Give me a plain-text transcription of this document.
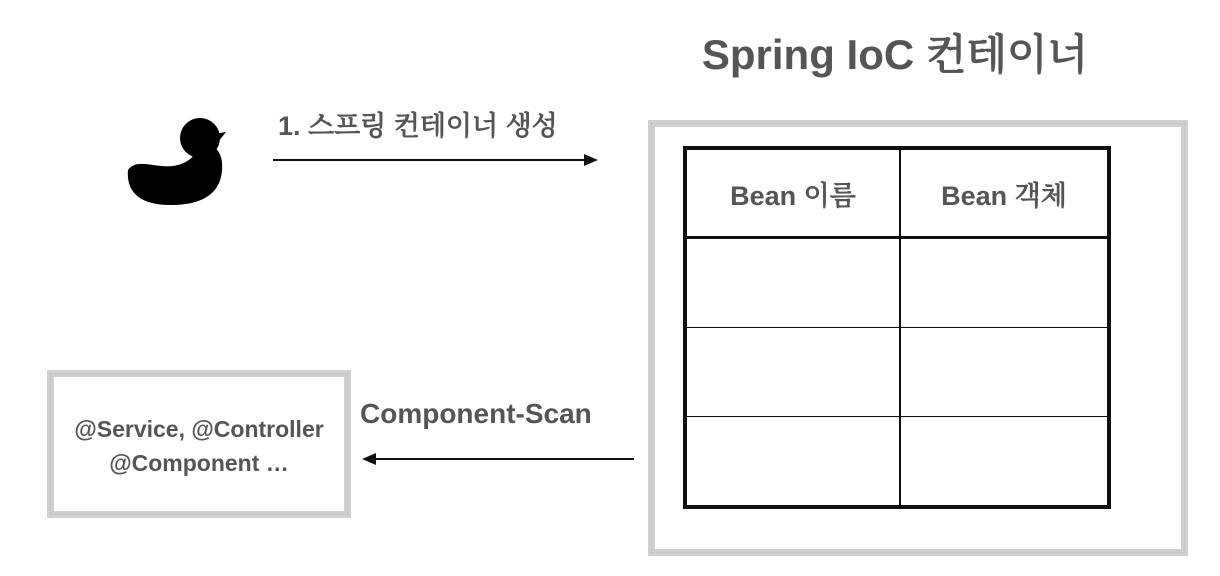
Spring IoC 컨테이너
1. 스프링 컨테이너 생성
Bean 이름	Bean 객체

Component-Scan
@Service, @Controller
@Component …
